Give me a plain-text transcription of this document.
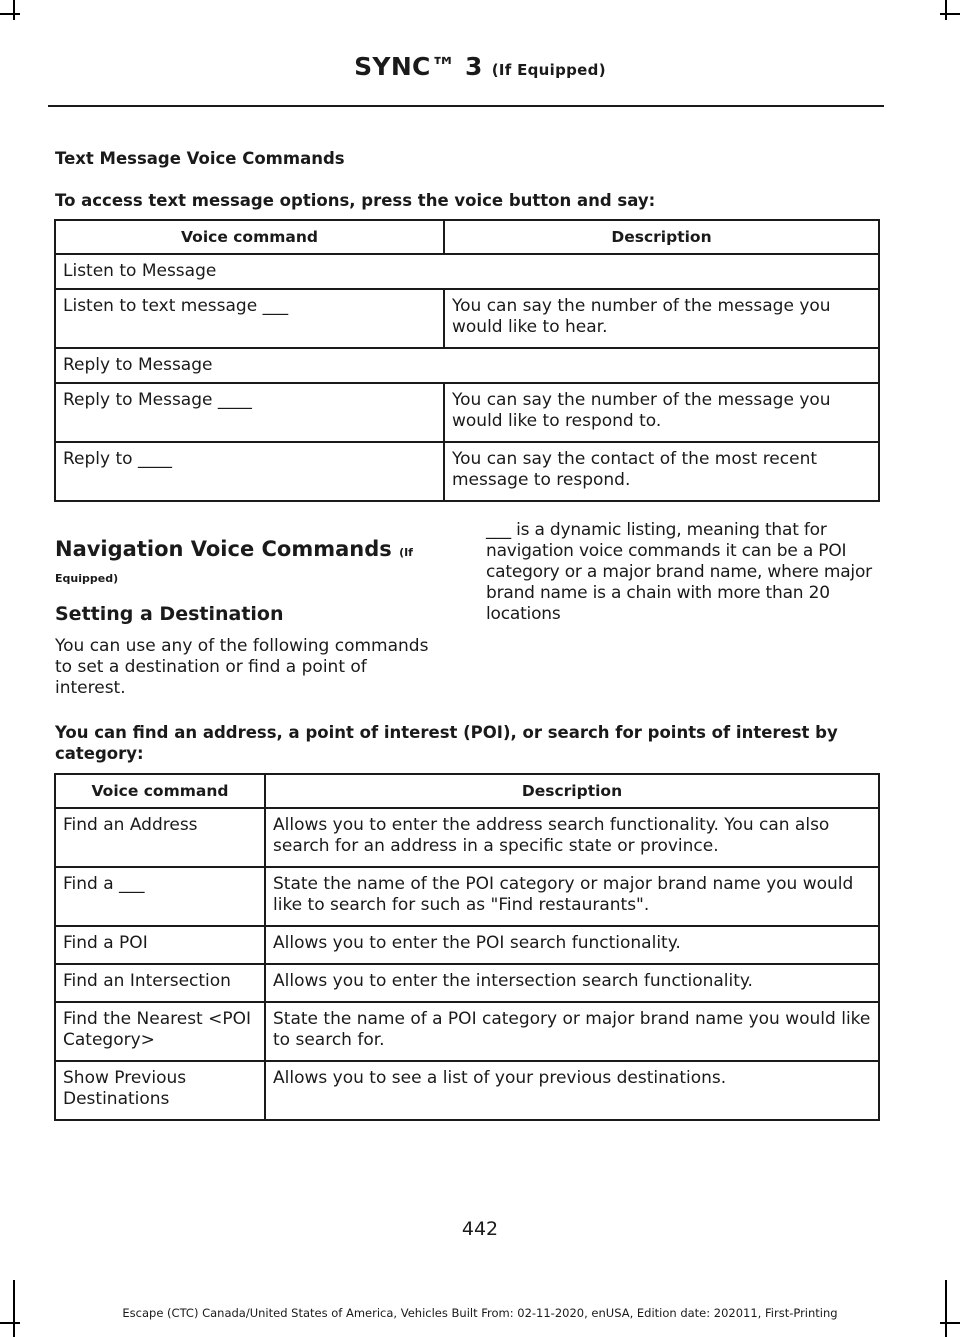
SYNC™ 3 (If Equipped)
Text Message Voice Commands
To access text message options, press the voice button and say:
Voice command	Description
Listen to Message	
Listen to text message ___	You can say the number of the message you would like to hear.
Reply to Message	
Reply to Message ____	You can say the number of the message you would like to respond to.
Reply to ____	You can say the contact of the most recent message to respond.
Navigation Voice Commands (If
Equipped)
Setting a Destination
You can use any of the following commands to set a destination or find a point of interest.
___ is a dynamic listing, meaning that for navigation voice commands it can be a POI category or a major brand name, where major brand name is a chain with more than 20 locations
You can find an address, a point of interest (POI), or search for points of interest by category:
Voice command	Description
Find an Address	Allows you to enter the address search functionality. You can also search for an address in a specific state or province.
Find a ___	State the name of the POI category or major brand name you would like to search for such as "Find restaurants".
Find a POI	Allows you to enter the POI search functionality.
Find an Intersection	Allows you to enter the intersection search functionality.
Find the Nearest <POI Category>	State the name of a POI category or major brand name you would like to search for.
Show Previous Destinations	Allows you to see a list of your previous destinations.
442
Escape (CTC) Canada/United States of America, Vehicles Built From: 02-11-2020, enUSA, Edition date: 202011, First-Printing
